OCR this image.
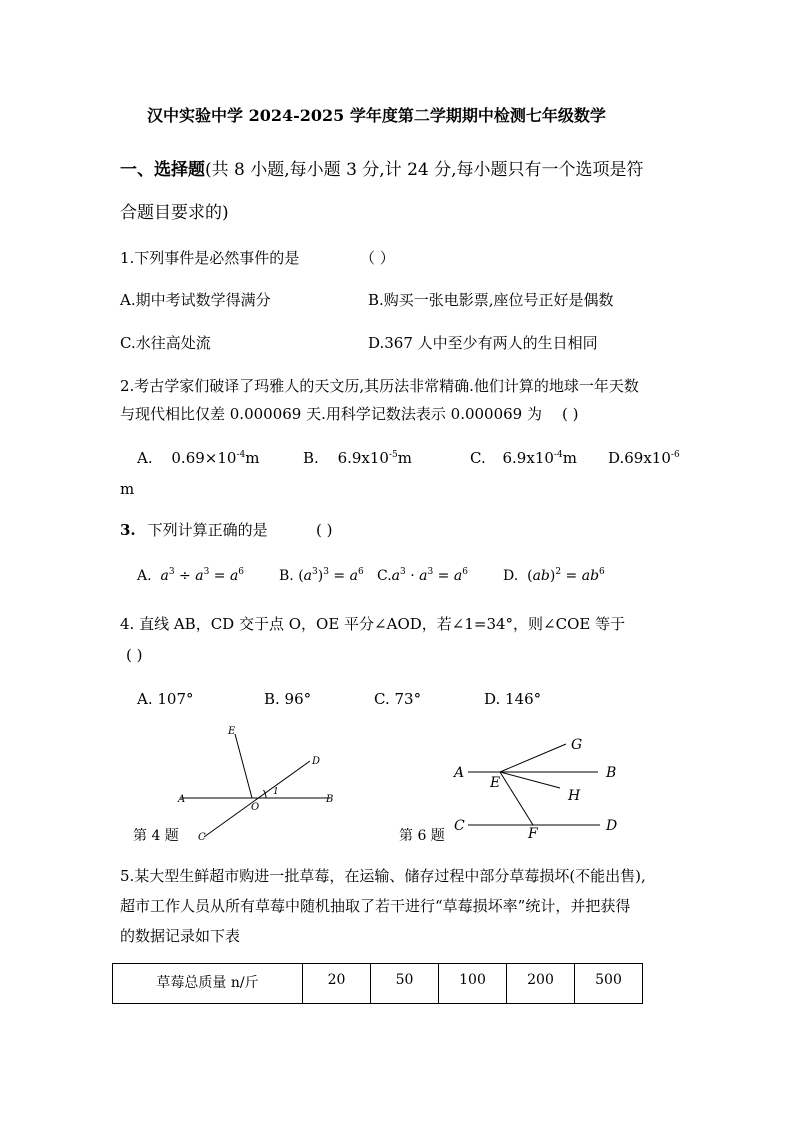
汉中实验中学 2024-2025 学年度第二学期期中检测七年级数学
一、选择题(共 8 小题,每小题 3 分,计 24 分,每小题只有一个选项是符
合题目要求的)
1.下列事件是必然事件的是	（ ）
A.期中考试数学得满分	B.购买一张电影票,座位号正好是偶数
C.水往高处流	D.367 人中至少有两人的生日相同
2.考古学家们破译了玛雅人的天文历,其历法非常精确.他们计算的地球一年天数
与现代相比仅差 0.000069 天.用科学记数法表示 0.000069 为 ( )
A. $0.69\times 10^{-4}m$	B. $6.9x10^{-5}m$	C. $6.9x10^{-4}m$ $D.69x10^{-6}$
m
3. 下列计算正确的是	( )
A. $a^3 \div a^3 = a^6$ B. $(a^3)^3 = a^6$ $C.a^3 \cdot a^3 = a^6$	D.  $(ab)^2 = ab^6$
4. 直线 AB，CD 交于点 O，OE 平分∠AOD，若∠1=34°，则∠COE 等于
( )
A. 107°	B. 96°	C. 73°	D. 146°
E
D
A
O
1
B
C
第 4 题
G
A
E
B
H
C	F	D
第 6 题
5.某大型生鲜超市购进一批草莓，在运输、储存过程中部分草莓损坏(不能出售),
超市工作人员从所有草莓中随机抽取了若干进行“草莓损坏率”统计，并把获得
的数据记录如下表
草莓总质量 n/斤	20	50	100	200	500
